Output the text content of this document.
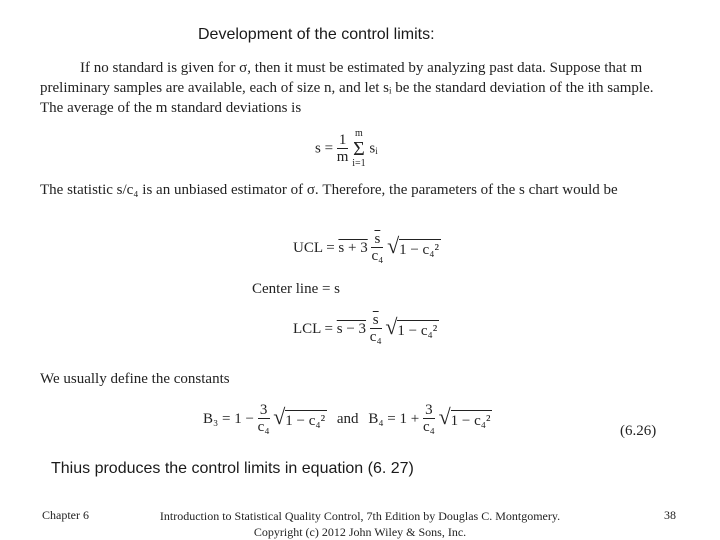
Development of the control limits:
If no standard is given for σ, then it must be estimated by analyzing past data. Suppose that m preliminary samples are available, each of size n, and let sᵢ be the standard deviation of the ith sample. The average of the m standard deviations is
$s = \frac{1}{m}$
m
Σ
i=1
sᵢ
The statistic s/c₄ is an unbiased estimator of σ. Therefore, the parameters of the s chart would be
UCL = $s + 3 \frac{\overline{s}}{\text{c₄}}$
√ 1 − c₄²
Center line = s
LCL = $s - 3 \frac{\overline{s}}{\text{c₄}}$
√ 1 − c₄²
We usually define the constants
$B_3 = 1 - \frac{3}{\text{c₄}}$
√ 1 − c₄² and $B_4 = 1 + \frac{3}{\text{c₄}}$
√ 1 − c₄²
(6.26)
Thius produces the control limits in equation (6. 27)
Chapter 6	Introduction to Statistical Quality Control, 7th Edition by Douglas C. Montgomery.
Copyright (c) 2012 John Wiley & Sons, Inc.
38
